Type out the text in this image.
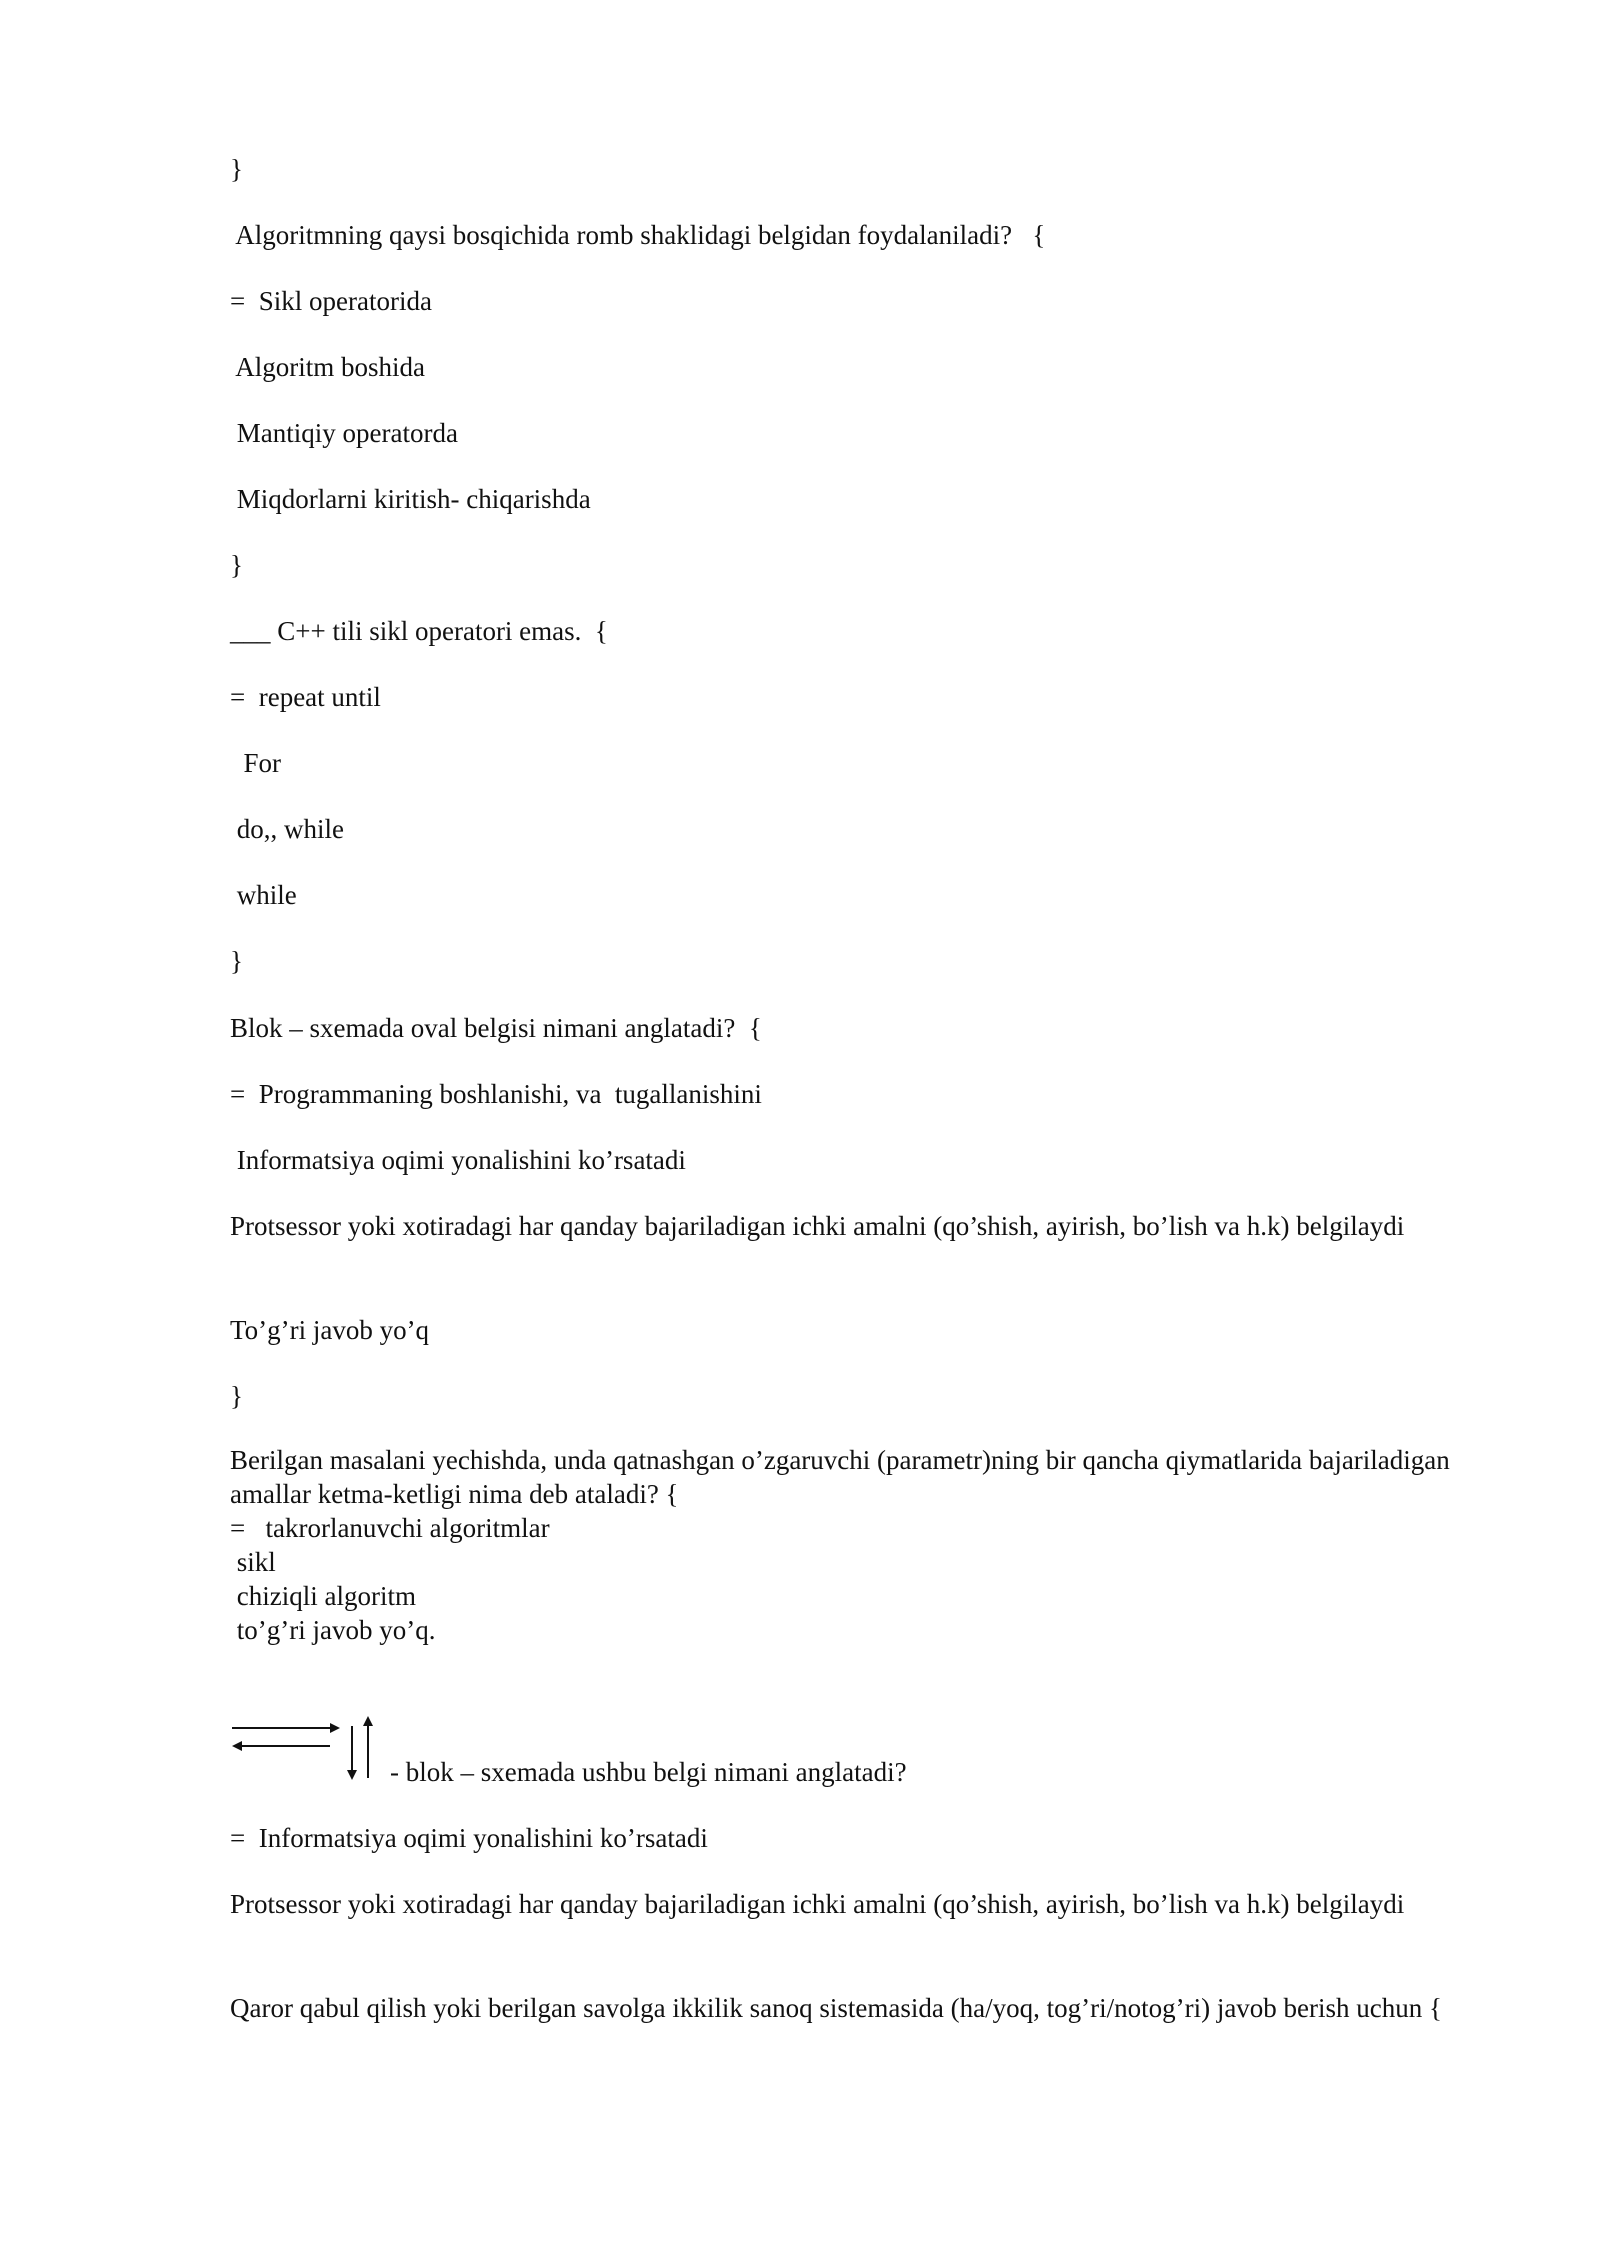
}

Algoritmning qaysi bosqichida romb shaklidagi belgidan foydalaniladi?   {

=  Sikl operatorida

Algoritm boshida

Mantiqiy operatorda

Miqdorlarni kiritish- chiqarishda

}

___ C++ tili sikl operatori emas.  {

=  repeat until

For

do,, while

while

}

Blok – sxemada oval belgisi nimani anglatadi?  {

=  Programmaning boshlanishi, va  tugallanishini

Informatsiya oqimi yonalishini ko’rsatadi

Protsessor yoki xotiradagi har qanday bajariladigan ichki amalni (qo’shish, ayirish, bo’lish va h.k) belgilaydi

To’g’ri javob yo’q

}

Berilgan masalani yechishda, unda qatnashgan o’zgaruvchi (parametr)ning bir qancha qiymatlarida bajariladigan amallar ketma-ketligi nima deb ataladi? {

=   takrorlanuvchi algoritmlar

sikl

chiziqli algoritm

to’g’ri javob yo’q.

- blok – sxemada ushbu belgi nimani anglatadi?

=  Informatsiya oqimi yonalishini ko’rsatadi

Protsessor yoki xotiradagi har qanday bajariladigan ichki amalni (qo’shish, ayirish, bo’lish va h.k) belgilaydi

Qaror qabul qilish yoki berilgan savolga ikkilik sanoq sistemasida (ha/yoq, tog’ri/notog’ri) javob berish uchun {
